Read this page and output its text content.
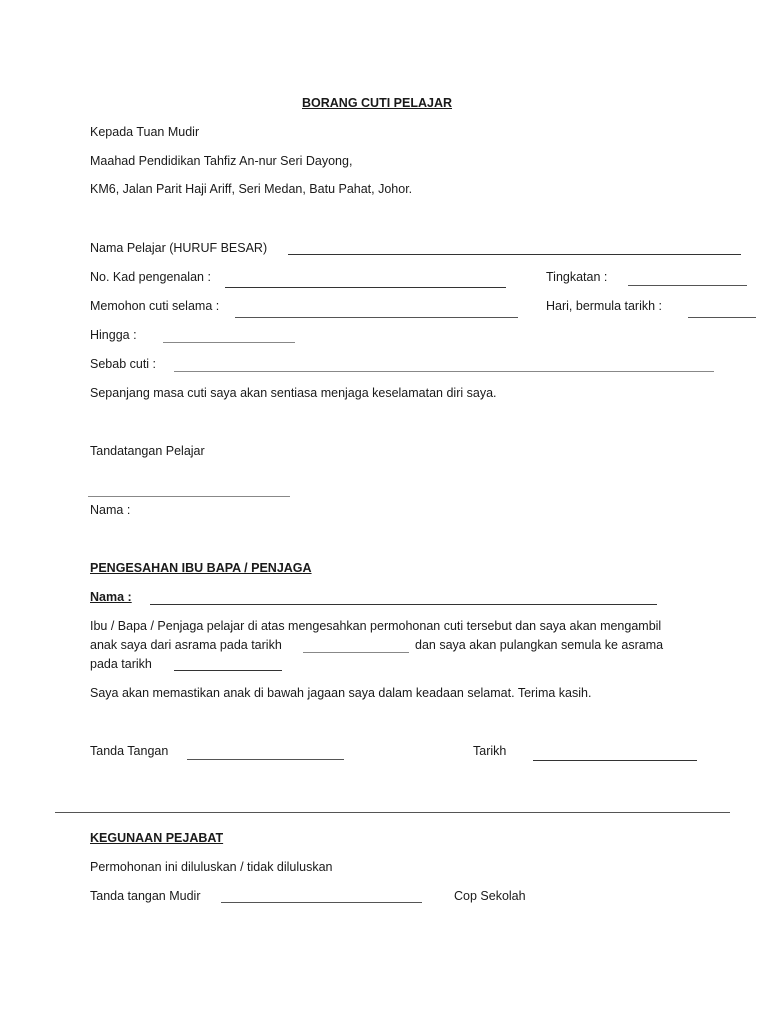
BORANG CUTI PELAJAR
Kepada Tuan Mudir
Maahad Pendidikan Tahfiz An-nur Seri Dayong,
KM6, Jalan Parit Haji Ariff, Seri Medan, Batu Pahat, Johor.
Nama Pelajar (HURUF BESAR)
No. Kad pengenalan :	Tingkatan :
Memohon cuti selama :	Hari, bermula tarikh :
Hingga :
Sebab cuti :
Sepanjang masa cuti saya akan sentiasa menjaga keselamatan diri saya.
Tandatangan Pelajar
Nama :
PENGESAHAN IBU BAPA / PENJAGA
Nama :
Ibu / Bapa / Penjaga pelajar di atas mengesahkan permohonan cuti tersebut dan saya akan mengambil
anak saya dari asrama pada tarikh	dan saya akan pulangkan semula ke asrama
pada tarikh
Saya akan memastikan anak di bawah jagaan saya dalam keadaan selamat. Terima kasih.
Tanda Tangan	Tarikh
KEGUNAAN PEJABAT
Permohonan ini diluluskan / tidak diluluskan
Tanda tangan Mudir	Cop Sekolah
